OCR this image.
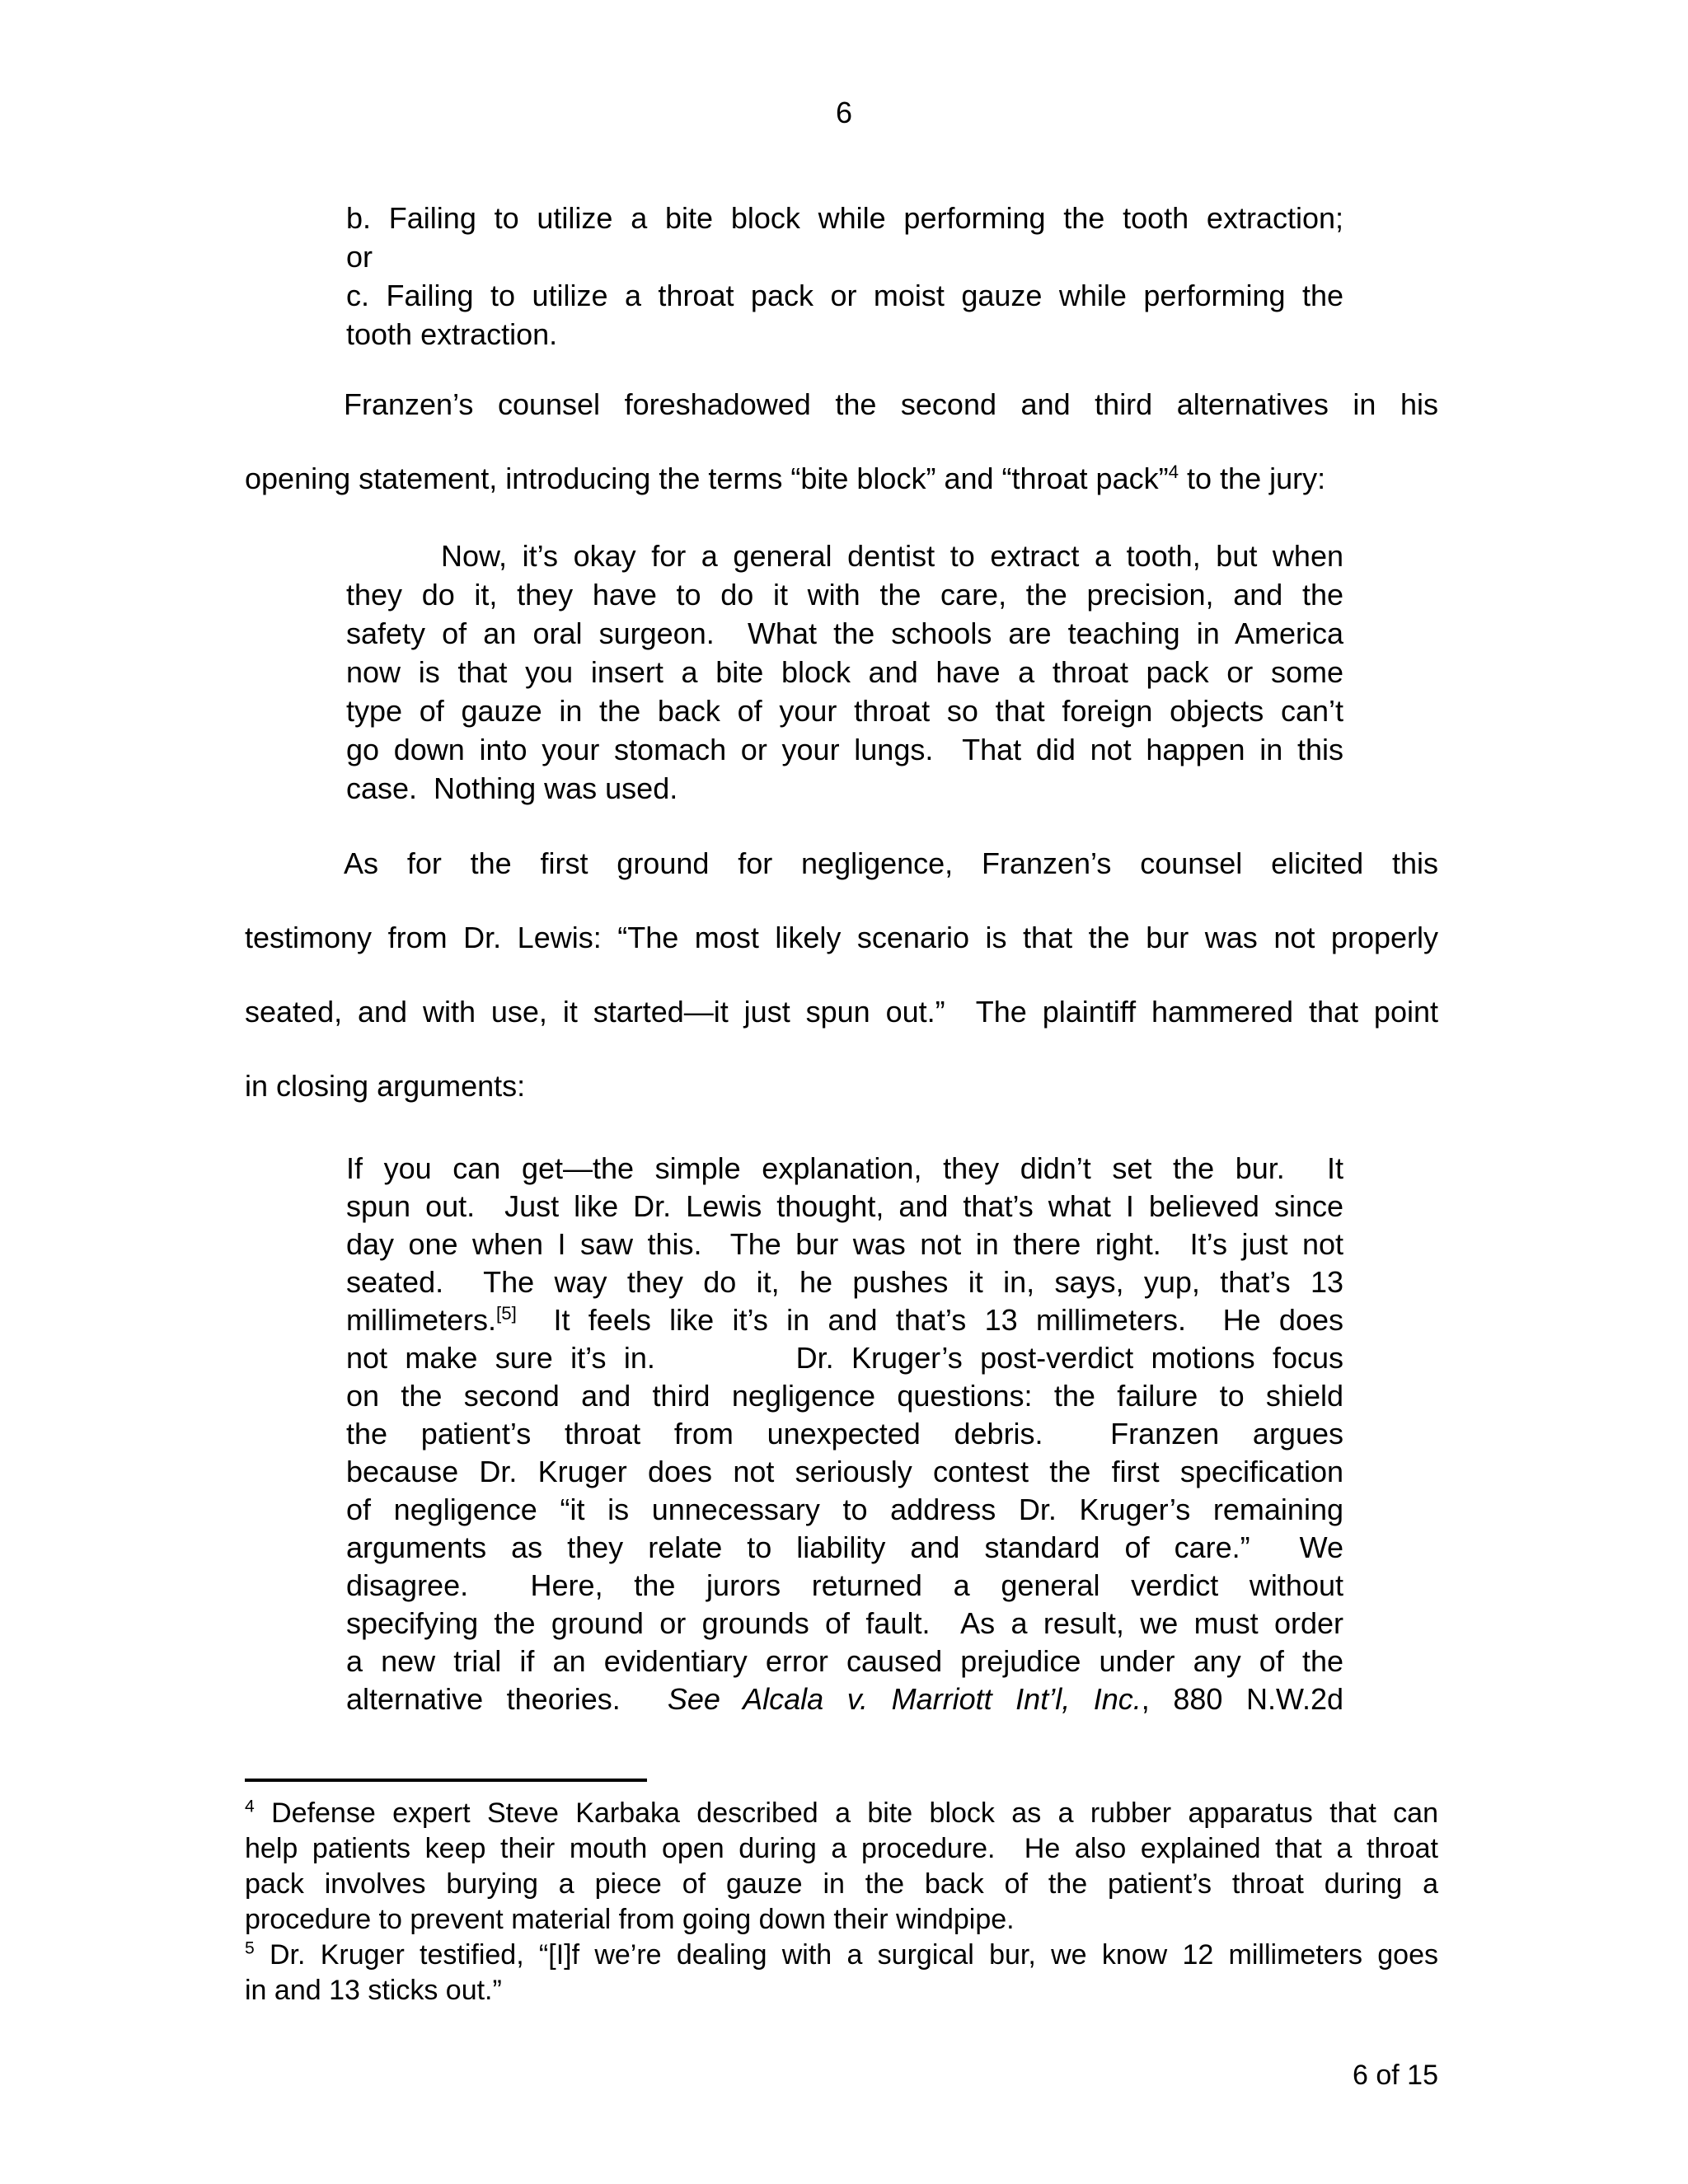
6
b. Failing to utilize a bite block while performing the tooth extraction;
or
c. Failing to utilize a throat pack or moist gauze while performing the
tooth extraction.
Franzen’s counsel foreshadowed the second and third alternatives in his
opening statement, introducing the terms “bite block” and “throat pack”$^4$ to the jury:
Now, it’s okay for a general dentist to extract a tooth, but when
they do it, they have to do it with the care, the precision, and the
safety of an oral surgeon.  What the schools are teaching in America
now is that you insert a bite block and have a throat pack or some
type of gauze in the back of your throat so that foreign objects can’t
go down into your stomach or your lungs.  That did not happen in this
case.  Nothing was used.
As for the first ground for negligence, Franzen’s counsel elicited this
testimony from Dr. Lewis: “The most likely scenario is that the bur was not properly
seated, and with use, it started—it just spun out.”  The plaintiff hammered that point
in closing arguments:
If you can get—the simple explanation, they didn’t set the bur.  It
spun out.  Just like Dr. Lewis thought, and that’s what I believed since
day one when I saw this.  The bur was not in there right.  It’s just not
seated.  The way they do it, he pushes it in, says, yup, that’s 13
millimeters.[5]  It feels like it’s in and that’s 13 millimeters.  He does
not make sure it’s in.        Dr. Kruger’s post-verdict motions focus
on the second and third negligence questions: the failure to shield
the patient’s throat from unexpected debris.  Franzen argues
because Dr. Kruger does not seriously contest the first specification
of negligence “it is unnecessary to address Dr. Kruger’s remaining
arguments as they relate to liability and standard of care.”  We
disagree.  Here, the jurors returned a general verdict without
specifying the ground or grounds of fault.  As a result, we must order
a new trial if an evidentiary error caused prejudice under any of the
alternative theories.  See Alcala v. Marriott Int’l, Inc., 880 N.W.2d
$^4$ Defense expert Steve Karbaka described a bite block as a rubber apparatus that can
help patients keep their mouth open during a procedure.  He also explained that a throat
pack involves burying a piece of gauze in the back of the patient’s throat during a
procedure to prevent material from going down their windpipe.
$^5$ Dr. Kruger testified, “[I]f we’re dealing with a surgical bur, we know 12 millimeters goes
in and 13 sticks out.”
6 of 15
